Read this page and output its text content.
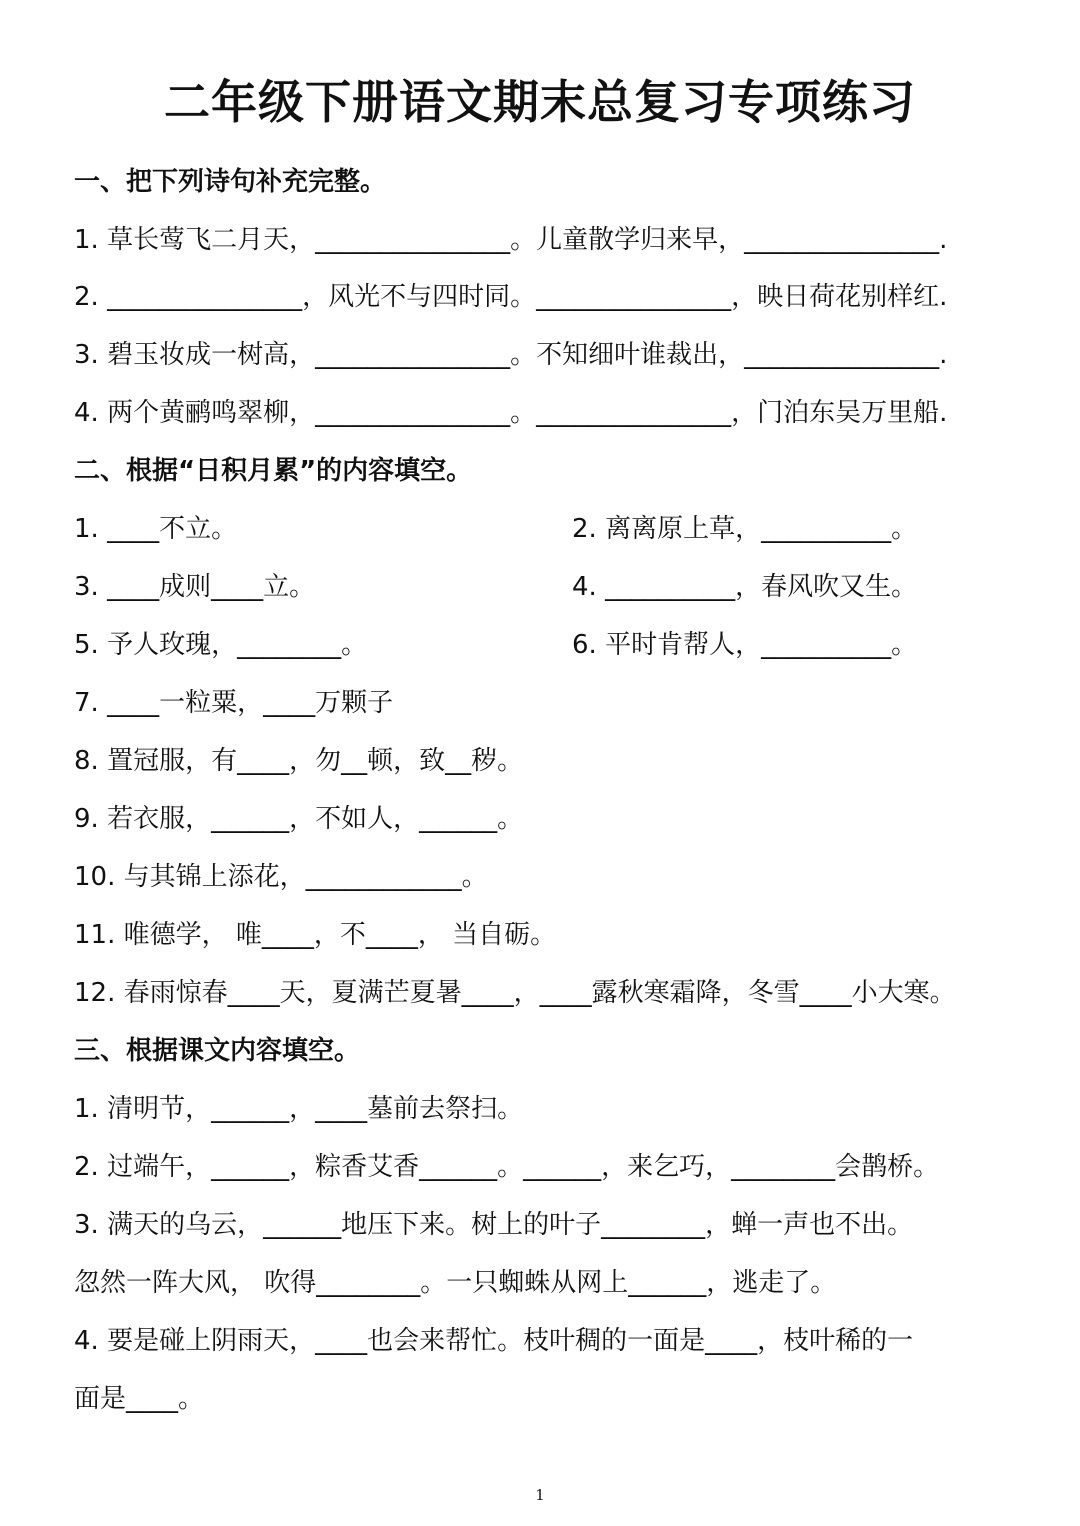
二年级下册语文期末总复习专项练习
一、把下列诗句补充完整。
1. 草长莺飞二月天，_______________。儿童散学归来早，_______________.
2. _______________，风光不与四时同。_______________，映日荷花别样红.
3. 碧玉妆成一树高，_______________。不知细叶谁裁出，_______________.
4. 两个黄鹂鸣翠柳，_______________。_______________，门泊东吴万里船.
二、根据“日积月累”的内容填空。
1. ____不立。	2. 离离原上草，__________。
3. ____成则____立。	4. __________，春风吹又生。
5. 予人玫瑰，________。	6. 平时肯帮人，__________。
7. ____一粒粟，____万颗子
8. 置冠服，有____，勿__顿，致__秽。
9. 若衣服，______，不如人，______。
10. 与其锦上添花，____________。
11. 唯德学， 唯____，不____， 当自砺。
12. 春雨惊春____天，夏满芒夏暑____，____露秋寒霜降，冬雪____小大寒。
三、根据课文内容填空。
1. 清明节，______，____墓前去祭扫。
2. 过端午，______，粽香艾香______。______，来乞巧，________会鹊桥。
3. 满天的乌云，______地压下来。树上的叶子________，蝉一声也不出。
忽然一阵大风， 吹得________。一只蜘蛛从网上______，逃走了。
4. 要是碰上阴雨天，____也会来帮忙。枝叶稠的一面是____，枝叶稀的一
面是____。
1
